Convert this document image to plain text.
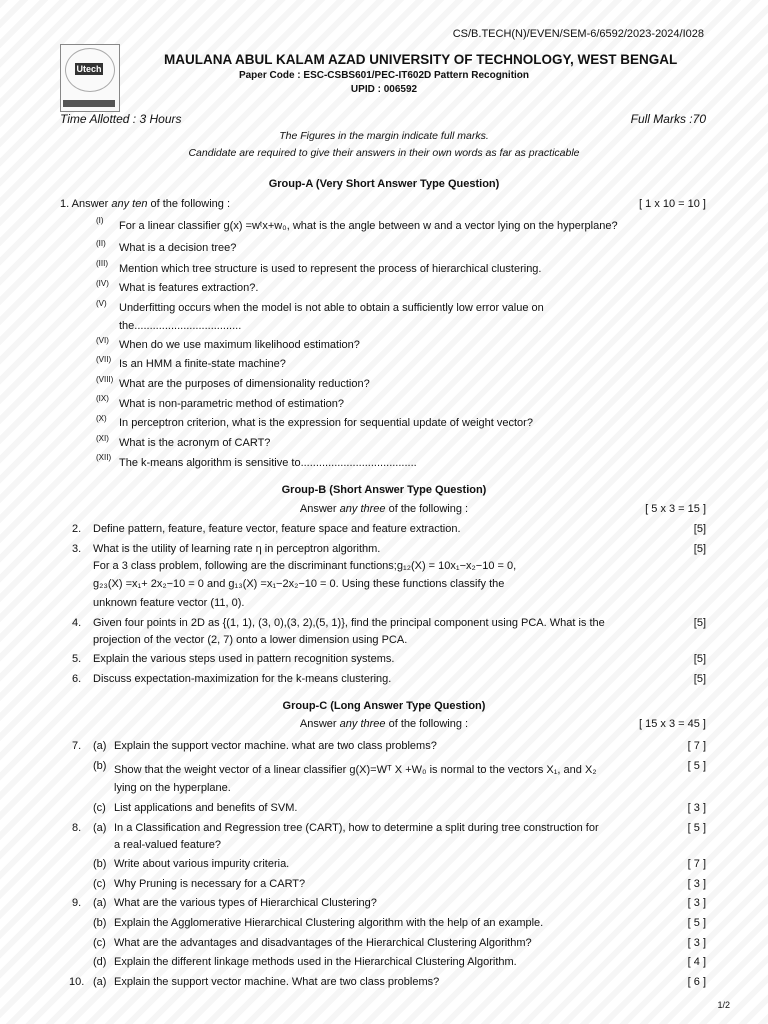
CS/B.TECH(N)/EVEN/SEM-6/6592/2023-2024/I028
Utech
MAULANA ABUL KALAM AZAD UNIVERSITY OF TECHNOLOGY, WEST BENGAL
Paper Code : ESC-CSBS601/PEC-IT602D Pattern Recognition
UPID : 006592
Time Allotted : 3 Hours	Full Marks :70
The Figures in the margin indicate full marks.
Candidate are required to give their answers in their own words as far as practicable
Group-A (Very Short Answer Type Question)
1. Answer any ten of the following :	[ 1 x 10 = 10 ]
(I) For a linear classifier g(x) =wᵗx+w₀, what is the angle between w and a vector lying on the hyperplane?
(II) What is a decision tree?
(III) Mention which tree structure is used to represent the process of hierarchical clustering.
(IV) What is features extraction?.
(V) Underfitting occurs when the model is not able to obtain a sufficiently low error value on
the...................................
(VI) When do we use maximum likelihood estimation?
(VII) Is an HMM a finite-state machine?
(VIII) What are the purposes of dimensionality reduction?
(IX) What is non-parametric method of estimation?
(X) In perceptron criterion, what is the expression for sequential update of weight vector?
(XI) What is the acronym of CART?
(XII) The k-means algorithm is sensitive to......................................
Group-B (Short Answer Type Question)
Answer any three of the following :	[ 5 x 3 = 15 ]
2. Define pattern, feature, feature vector, feature space and feature extraction.	[5]
3. What is the utility of learning rate η in perceptron algorithm.	[5]
For a 3 class problem, following are the discriminant functions;g₁₂(X) = 10x₁−x₂−10 = 0,
g₂₃(X) =x₁+ 2x₂−10 = 0 and g₁₃(X) =x₁−2x₂−10 = 0. Using these functions classify the
unknown feature vector (11, 0).
4. Given four points in 2D as {(1, 1), (3, 0),(3, 2),(5, 1)}, find the principal component using PCA. What is the	[5]
projection of the vector (2, 7) onto a lower dimension using PCA.
5. Explain the various steps used in pattern recognition systems.	[5]
6. Discuss expectation-maximization for the k-means clustering.	[5]
Group-C (Long Answer Type Question)
Answer any three of the following :	[ 15 x 3 = 45 ]
7. (a) Explain the support vector machine. what are two class problems?	[ 7 ]
(b) Show that the weight vector of a linear classifier g(X)=Wᵀ X +W₀ is normal to the vectors X₁, and X₂	[ 5 ]
lying on the hyperplane.
(c) List applications and benefits of SVM.	[ 3 ]
8. (a) In a Classification and Regression tree (CART), how to determine a split during tree construction for	[ 5 ]
a real-valued feature?
(b) Write about various impurity criteria.	[ 7 ]
(c) Why Pruning is necessary for a CART?	[ 3 ]
9. (a) What are the various types of Hierarchical Clustering?	[ 3 ]
(b) Explain the Agglomerative Hierarchical Clustering algorithm with the help of an example.	[ 5 ]
(c) What are the advantages and disadvantages of the Hierarchical Clustering Algorithm?	[ 3 ]
(d) Explain the different linkage methods used in the Hierarchical Clustering Algorithm.	[ 4 ]
10. (a) Explain the support vector machine. What are two class problems?	[ 6 ]
1/2
